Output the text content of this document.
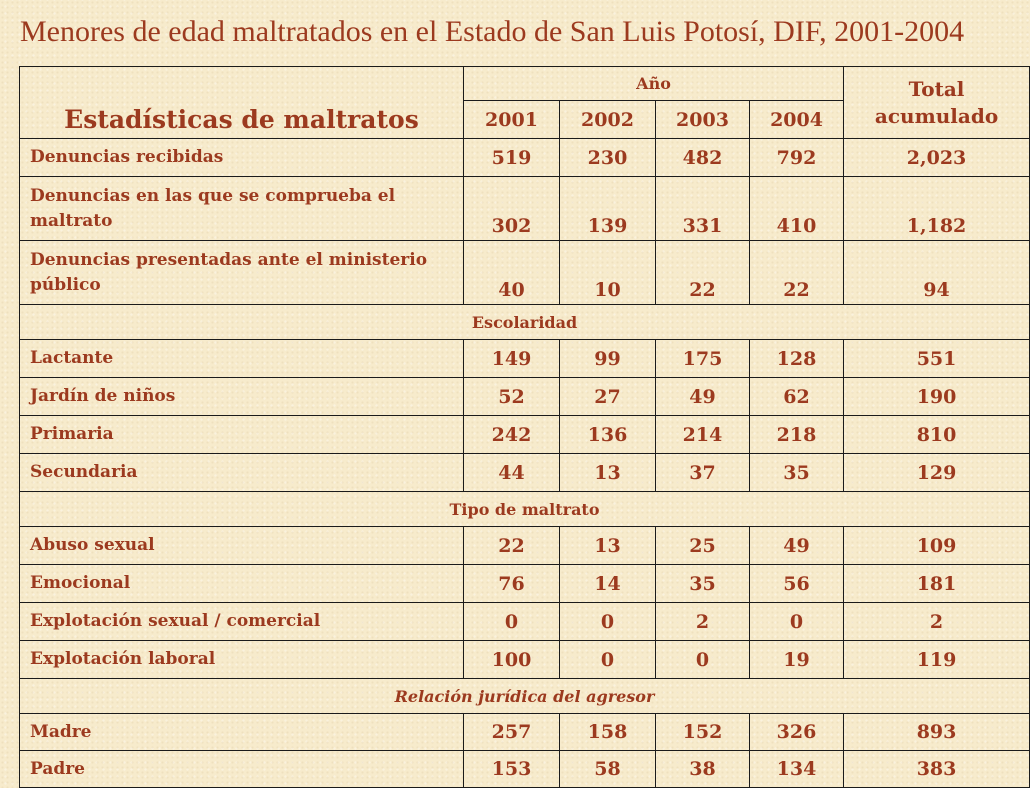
Menores de edad maltratados en el Estado de San Luis Potosí, DIF, 2001-2004
Estadísticas de maltratos	Año				Total acumulado
	2001	2002	2003	2004	
Denuncias recibidas	519	230	482	792	2,023
Denuncias en las que se comprueba el maltrato	302	139	331	410	1,182
Denuncias presentadas ante el ministerio público	40	10	22	22	94
Escolaridad					
Lactante	149	99	175	128	551
Jardín de niños	52	27	49	62	190
Primaria	242	136	214	218	810
Secundaria	44	13	37	35	129
Tipo de maltrato					
Abuso sexual	22	13	25	49	109
Emocional	76	14	35	56	181
Explotación sexual / comercial	0	0	2	0	2
Explotación laboral	100	0	0	19	119
Relación jurídica del agresor					
Madre	257	158	152	326	893
Padre	153	58	38	134	383
